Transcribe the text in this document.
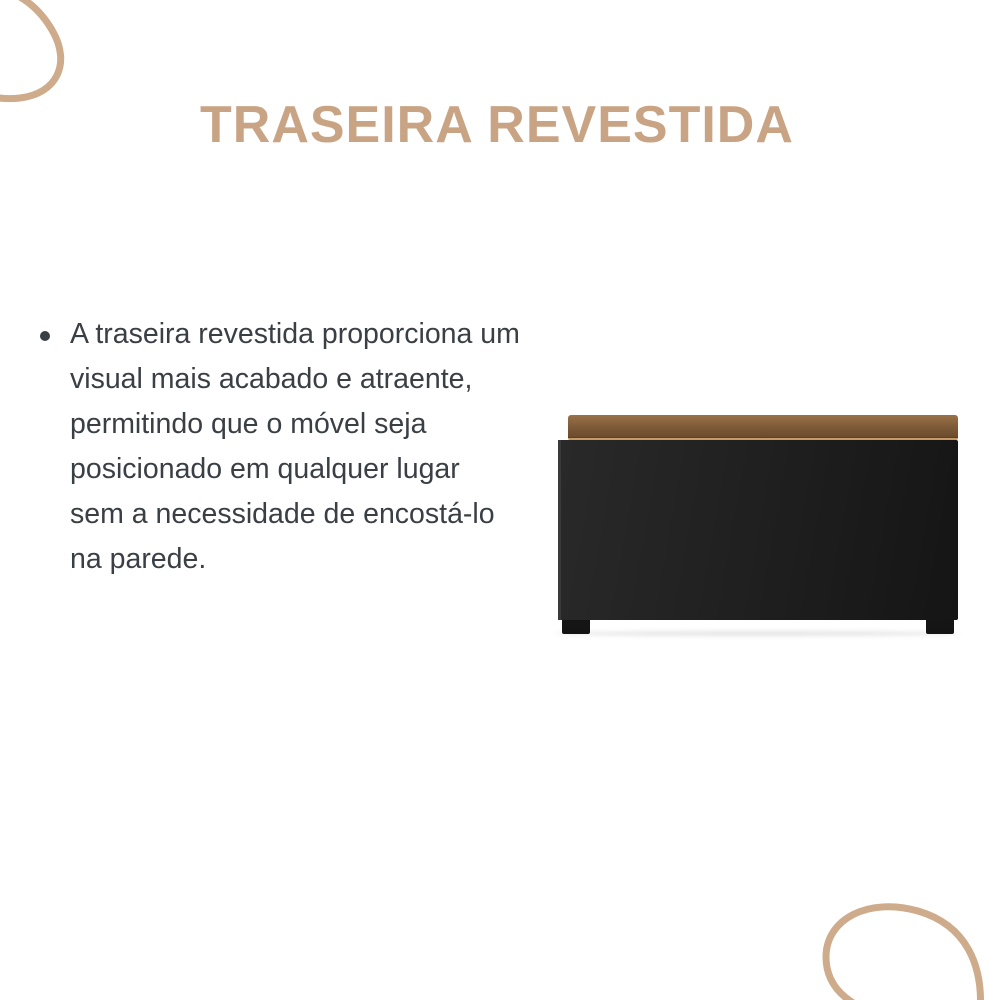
TRASEIRA REVESTIDA
A traseira revestida proporciona um visual mais acabado e atraente, permitindo que o móvel seja posicionado em qualquer lugar sem a necessidade de encostá-lo na parede.
